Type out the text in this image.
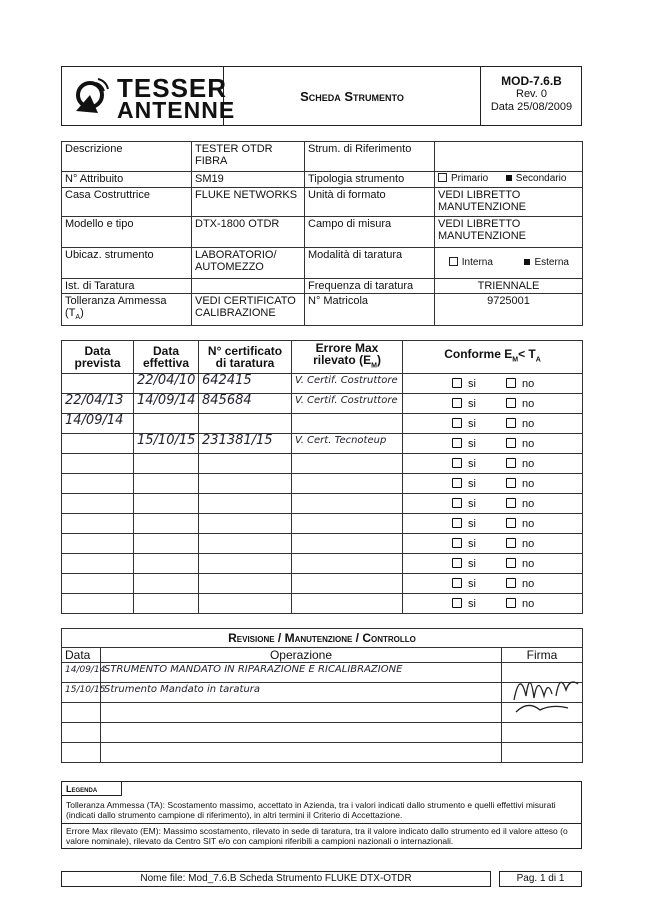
TESSER
ANTENNE
Scheda Strumento
MOD-7.6.B
Rev. 0
Data 25/08/2009
Descrizione	TESTER OTDR FIBRA	Strum. di Riferimento	
N° Attribuito	SM19	Tipologia strumento	Primario Secondario
Casa Costruttrice	FLUKE NETWORKS	Unità di formato	VEDI LIBRETTO MANUTENZIONE
Modello e tipo	DTX-1800 OTDR	Campo di misura	VEDI LIBRETTO MANUTENZIONE
Ubicaz. strumento	LABORATORIO/ AUTOMEZZO	Modalità di taratura	Interna Esterna
Ist. di Taratura		Frequenza di taratura	TRIENNALE
Tolleranza Ammessa $(T_A)$	VEDI CERTIFICATO CALIBRAZIONE	N° Matricola	9725001
Data prevista	Data effettiva	N° certificato di taratura	Errore Max rilevato $(E_M)$	Conforme $E_M< T_A$
	22/04/10	642415	V. Certif. Costruttore	si no
22/04/13	14/09/14	845684	V. Certif. Costruttore	si no
14/09/14				si no
	15/10/15	231381/15	V. Cert. Tecnoteup	si no
				si no
				si no
				si no
				si no
				si no
				si no
				si no
				si no
Revisione / Manutenzione / Controllo		
Data	Operazione	Firma
14/09/14	STRUMENTO MANDATO IN RIPARAZIONE E RICALIBRAZIONE	
15/10/15	Strumento Mandato in taratura	

Legenda
Tolleranza Ammessa (TA): Scostamento massimo, accettato in Azienda, tra i valori indicati dallo strumento e quelli effettivi misurati (indicati dallo strumento campione di riferimento), in altri termini il Criterio di Accettazione.
Errore Max rilevato (EM): Massimo scostamento, rilevato in sede di taratura, tra il valore indicato dallo strumento ed il valore atteso (o valore nominale), rilevato da Centro SIT e/o con campioni riferibili a campioni nazionali o internazionali.
Nome file: Mod_7.6.B Scheda Strumento FLUKE DTX-OTDR	Pag. 1 di 1
